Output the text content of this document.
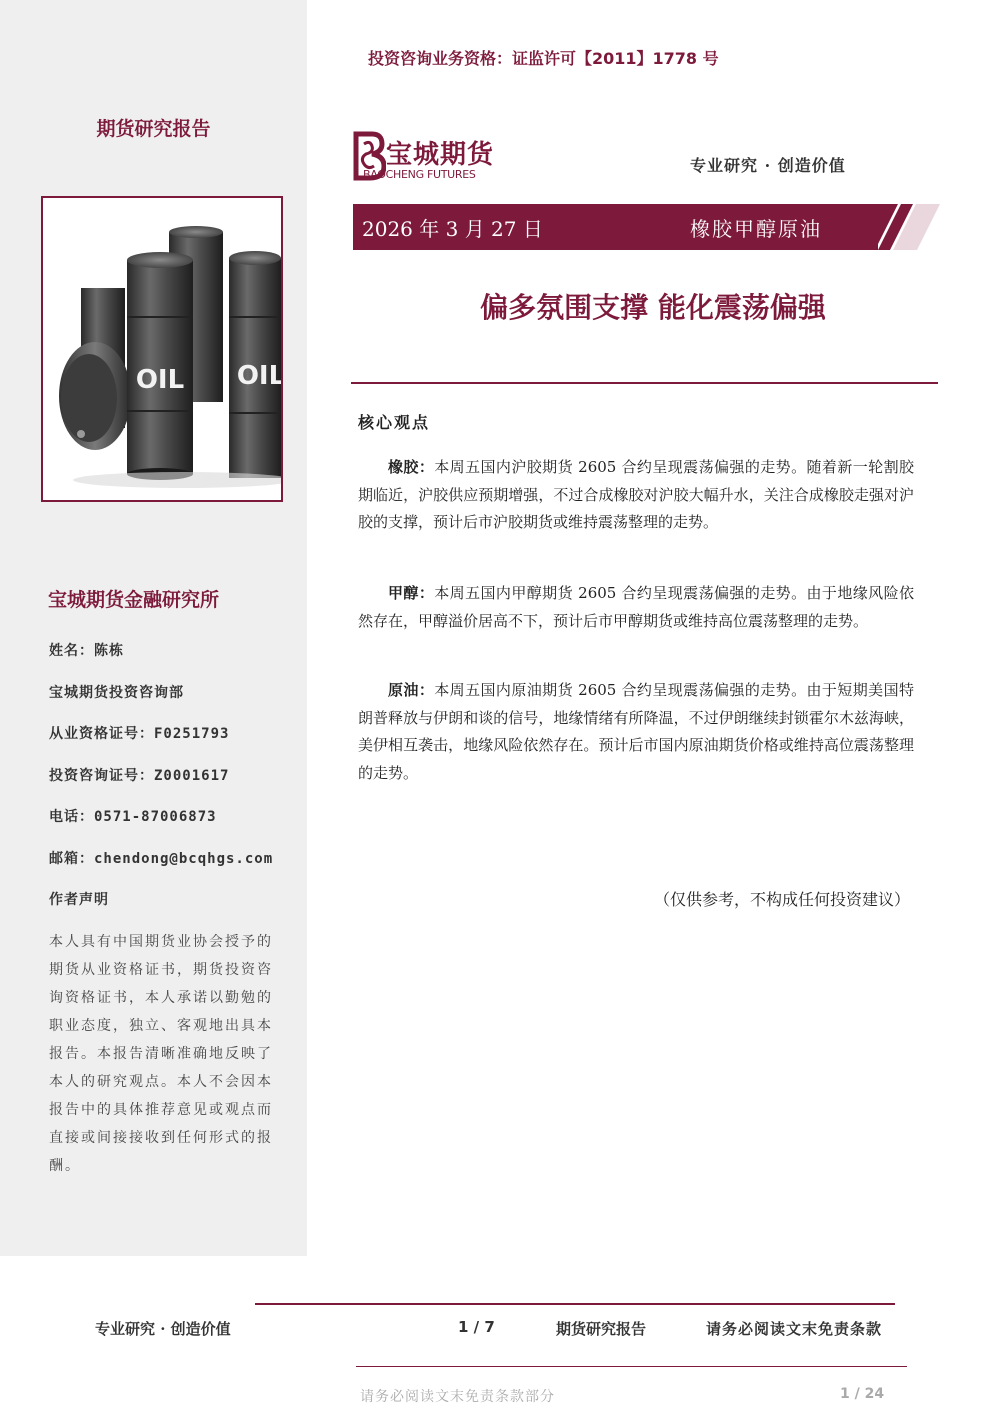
期货研究报告
OIL OIL
宝城期货金融研究所
姓名：陈栋
宝城期货投资咨询部
从业资格证号：F0251793
投资咨询证号：Z0001617
电话：0571-87006873
邮箱：chendong@bcqhgs.com
作者声明
本人具有中国期货业协会授予的期货从业资格证书，期货投资咨询资格证书，本人承诺以勤勉的职业态度，独立、客观地出具本报告。本报告清晰准确地反映了本人的研究观点。本人不会因本报告中的具体推荐意见或观点而直接或间接接收到任何形式的报酬。
投资咨询业务资格：证监许可【2011】1778 号
宝城期货
BAOCHENG FUTURES	专业研究 · 创造价值
2026 年 3 月 27 日	橡胶甲醇原油
偏多氛围支撑 能化震荡偏强
核心观点
橡胶：本周五国内沪胶期货 2605 合约呈现震荡偏强的走势。随着新一轮割胶期临近，沪胶供应预期增强，不过合成橡胶对沪胶大幅升水，关注合成橡胶走强对沪胶的支撑，预计后市沪胶期货或维持震荡整理的走势。
甲醇：本周五国内甲醇期货 2605 合约呈现震荡偏强的走势。由于地缘风险依然存在，甲醇溢价居高不下，预计后市甲醇期货或维持高位震荡整理的走势。
原油：本周五国内原油期货 2605 合约呈现震荡偏强的走势。由于短期美国特朗普释放与伊朗和谈的信号，地缘情绪有所降温，不过伊朗继续封锁霍尔木兹海峡，美伊相互袭击，地缘风险依然存在。预计后市国内原油期货价格或维持高位震荡整理的走势。
（仅供参考，不构成任何投资建议）
专业研究 · 创造价值	1 / 7	期货研究报告	请务必阅读文末免责条款
请务必阅读文末免责条款部分	1 / 24
